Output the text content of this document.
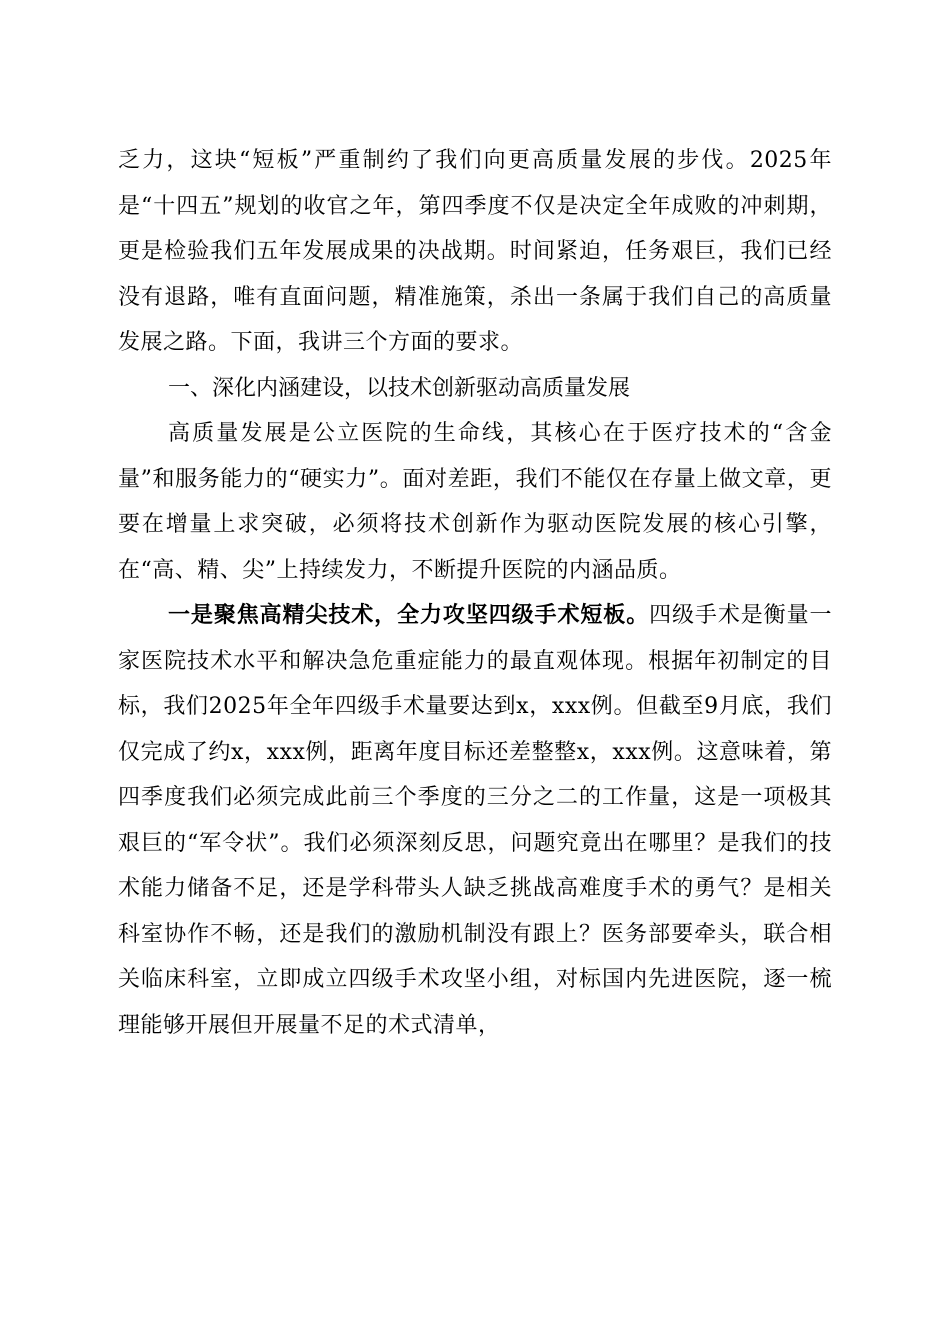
乏力，这块“短板”严重制约了我们向更高质量发展的步伐。2025年是“十四五”规划的收官之年，第四季度不仅是决定全年成败的冲刺期，更是检验我们五年发展成果的决战期。时间紧迫，任务艰巨，我们已经没有退路，唯有直面问题，精准施策，杀出一条属于我们自己的高质量发展之路。下面，我讲三个方面的要求。

一、深化内涵建设，以技术创新驱动高质量发展

高质量发展是公立医院的生命线，其核心在于医疗技术的“含金量”和服务能力的“硬实力”。面对差距，我们不能仅在存量上做文章，更要在增量上求突破，必须将技术创新作为驱动医院发展的核心引擎，在“高、精、尖”上持续发力，不断提升医院的内涵品质。

一是聚焦高精尖技术，全力攻坚四级手术短板。四级手术是衡量一家医院技术水平和解决急危重症能力的最直观体现。根据年初制定的目标，我们2025年全年四级手术量要达到x，xxx例。但截至9月底，我们仅完成了约x，xxx例，距离年度目标还差整整x，xxx例。这意味着，第四季度我们必须完成此前三个季度的三分之二的工作量，这是一项极其艰巨的“军令状”。我们必须深刻反思，问题究竟出在哪里？是我们的技术能力储备不足，还是学科带头人缺乏挑战高难度手术的勇气？是相关科室协作不畅，还是我们的激励机制没有跟上？医务部要牵头，联合相关临床科室，立即成立四级手术攻坚小组，对标国内先进医院，逐一梳理能够开展但开展量不足的术式清单，
